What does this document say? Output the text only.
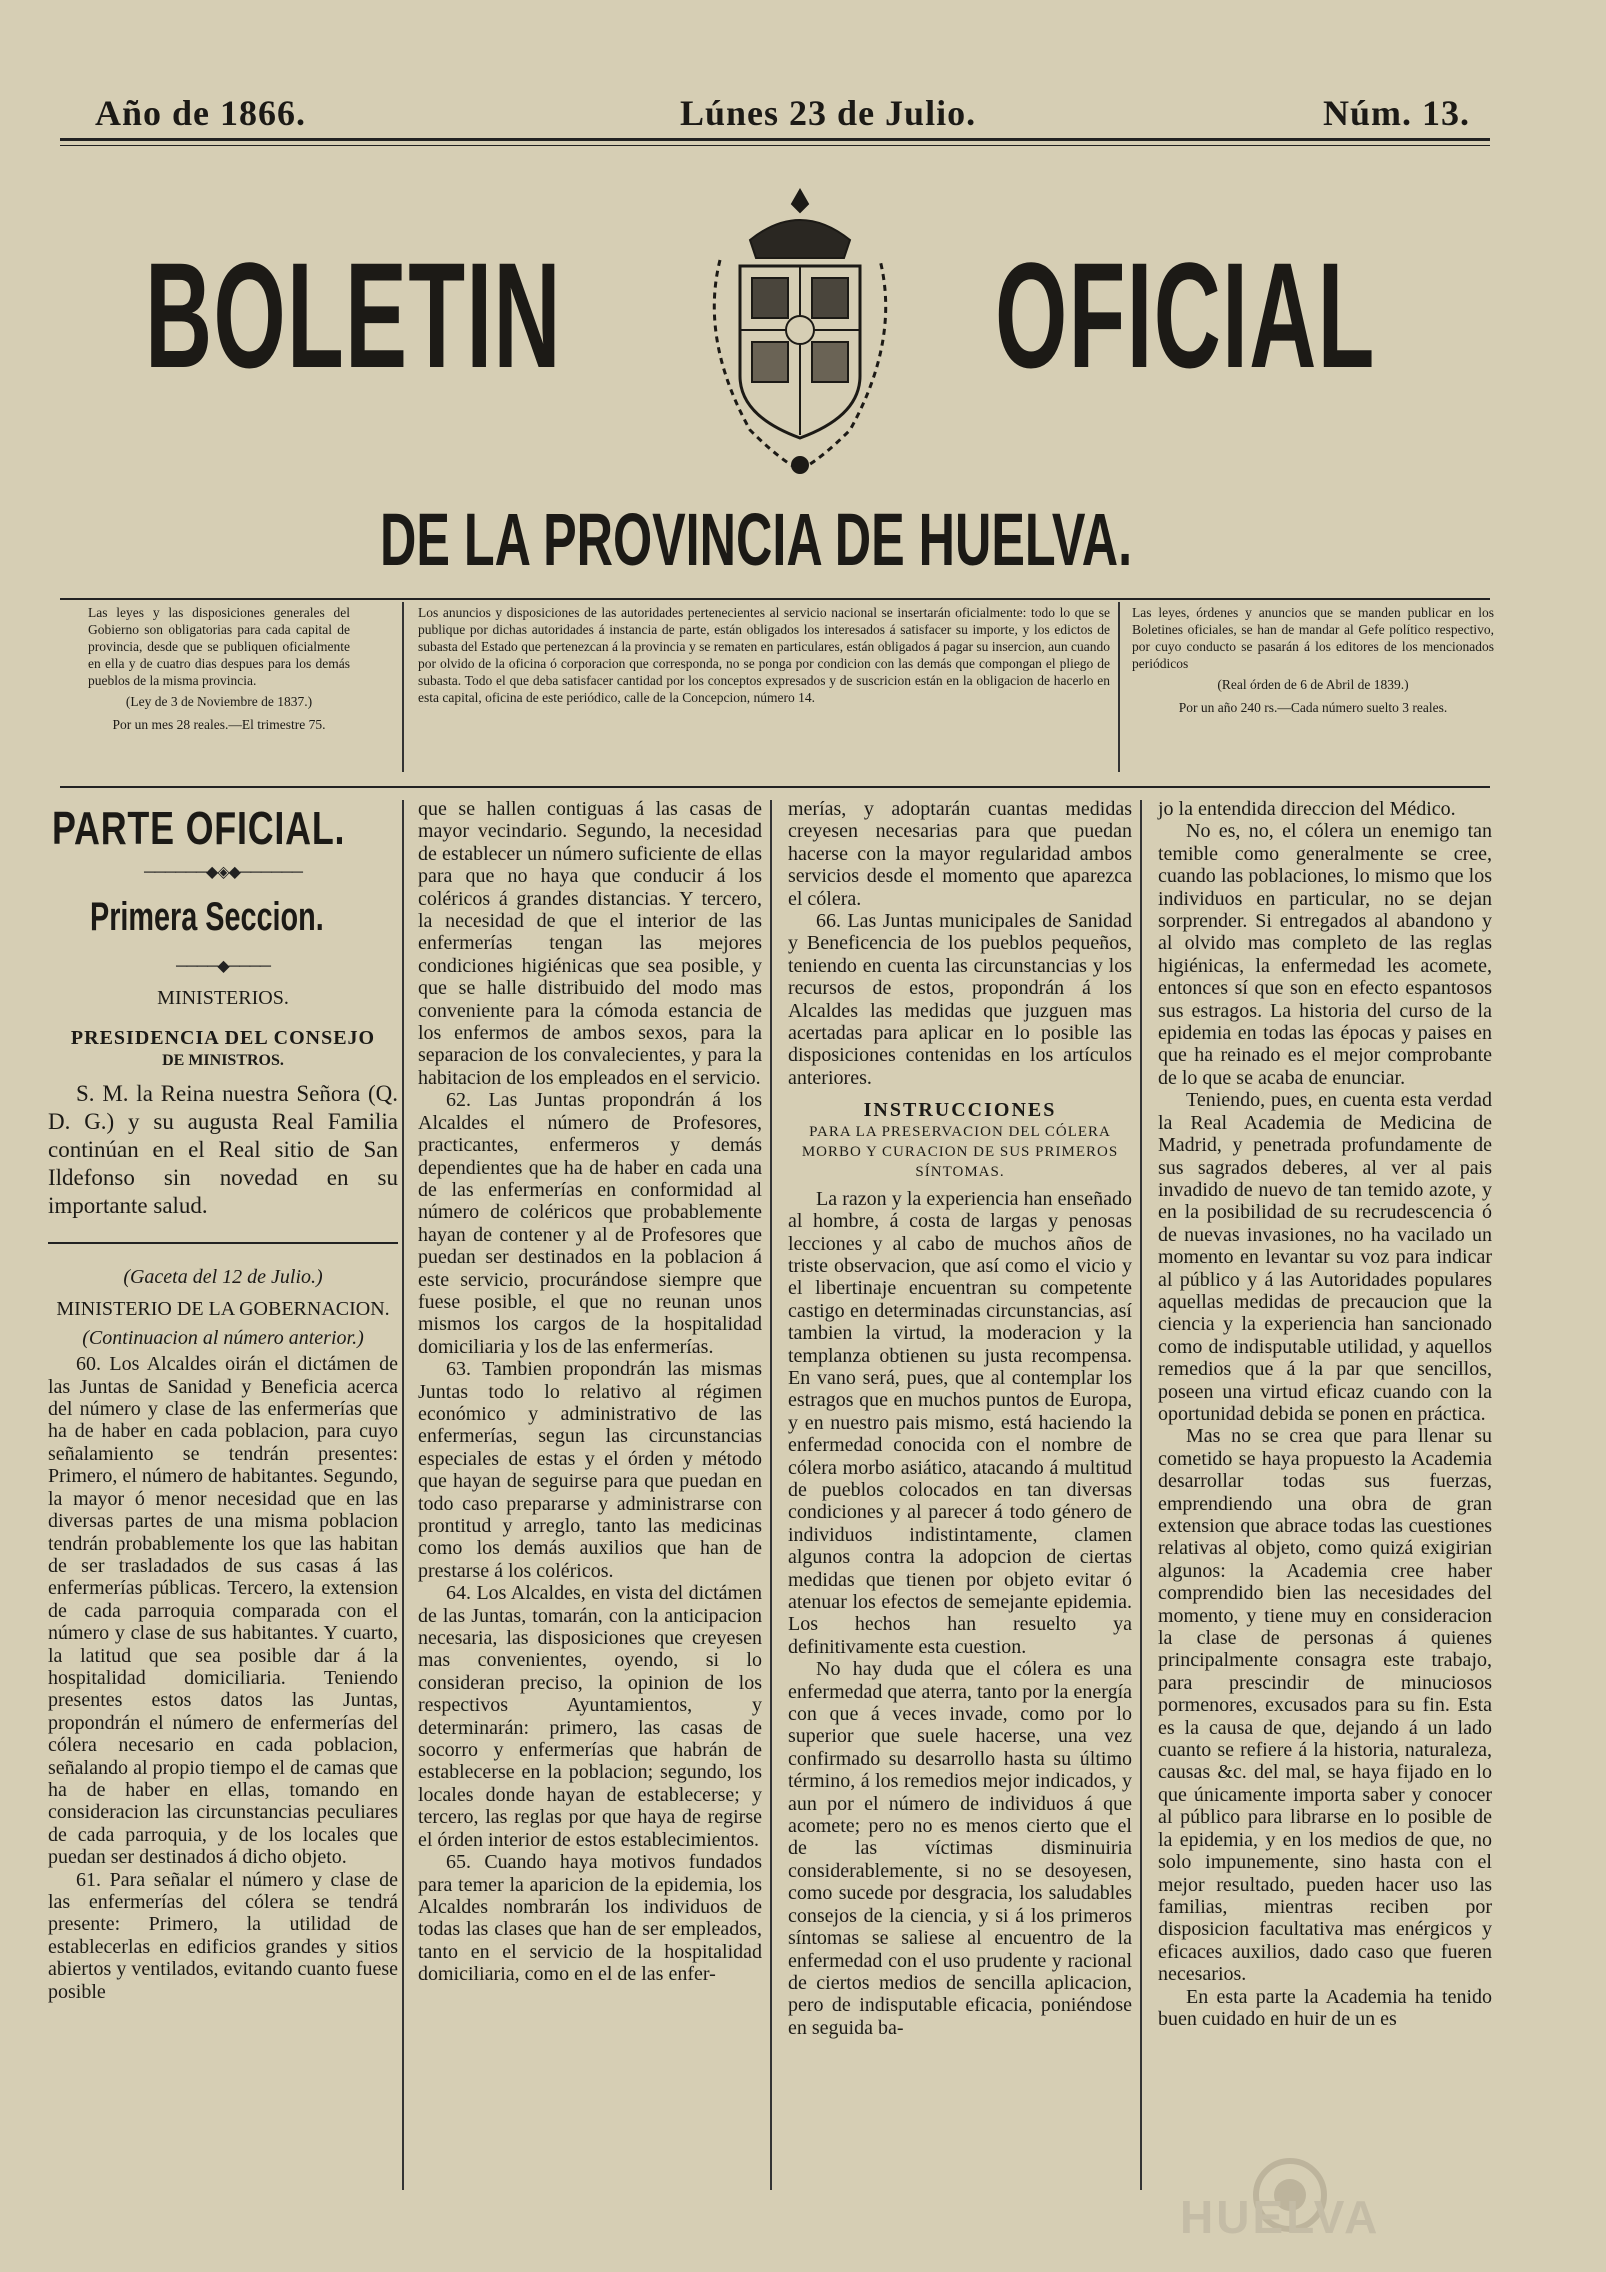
Año de 1866.	Lúnes 23 de Julio.	Núm. 13.
BOLETIN	OFICIAL
DE LA PROVINCIA DE HUELVA.
Las leyes y las disposiciones generales del Gobierno son obligatorias para cada capital de provincia, desde que se publiquen oficialmente en ella y de cuatro dias despues para los demás pueblos de la misma provincia.
(Ley de 3 de Noviembre de 1837.)
Por un mes 28 reales.—El trimestre 75.
Los anuncios y disposiciones de las autoridades pertenecientes al servicio nacional se insertarán oficialmente: todo lo que se publique por dichas autoridades á instancia de parte, están obligados los interesados á satisfacer su importe, y los edictos de subasta del Estado que pertenezcan á la provincia y se rematen en particulares, están obligados á pagar su insercion, aun cuando por olvido de la oficina ó corporacion que corresponda, no se ponga por condicion con las demás que compongan el pliego de subasta. Todo el que deba satisfacer cantidad por los conceptos expresados y de suscricion están en la obligacion de hacerlo en esta capital, oficina de este periódico, calle de la Concepcion, número 14.
Las leyes, órdenes y anuncios que se manden publicar en los Boletines oficiales, se han de mandar al Gefe político respectivo, por cuyo conducto se pasarán á los editores de los mencionados periódicos
(Real órden de 6 de Abril de 1839.)
Por un año 240 rs.—Cada número suelto 3 reales.
PARTE OFICIAL.
──────◆◈◆──────
Primera Seccion.
────◆────
MINISTERIOS.
PRESIDENCIA DEL CONSEJO
DE MINISTROS.

S. M. la Reina nuestra Señora (Q. D. G.) y su augusta Real Familia continúan en el Real sitio de San Ildefonso sin novedad en su importante salud.

(Gaceta del 12 de Julio.)
MINISTERIO DE LA GOBERNACION.
(Continuacion al número anterior.)

60. Los Alcaldes oirán el dictámen de las Juntas de Sanidad y Beneficia acerca del número y clase de las enfermerías que ha de haber en cada poblacion, para cuyo señalamiento se tendrán presentes: Primero, el número de habitantes. Segundo, la mayor ó menor necesidad que en las diversas partes de una misma poblacion tendrán probablemente los que las habitan de ser trasladados de sus casas á las enfermerías públicas. Tercero, la extension de cada parroquia comparada con el número y clase de sus habitantes. Y cuarto, la latitud que sea posible dar á la hospitalidad domiciliaria. Teniendo presentes estos datos las Juntas, propondrán el número de enfermerías del cólera necesario en cada poblacion, señalando al propio tiempo el de camas que ha de haber en ellas, tomando en consideracion las circunstancias peculiares de cada parroquia, y de los locales que puedan ser destinados á dicho objeto.

61. Para señalar el número y clase de las enfermerías del cólera se tendrá presente: Primero, la utilidad de establecerlas en edificios grandes y sitios abiertos y ventilados, evitando cuanto fuese posible

que se hallen contiguas á las casas de mayor vecindario. Segundo, la necesidad de establecer un número suficiente de ellas para que no haya que conducir á los coléricos á grandes distancias. Y tercero, la necesidad de que el interior de las enfermerías tengan las mejores condiciones higiénicas que sea posible, y que se halle distribuido del modo mas conveniente para la cómoda estancia de los enfermos de ambos sexos, para la separacion de los convalecientes, y para la habitacion de los empleados en el servicio.

62. Las Juntas propondrán á los Alcaldes el número de Profesores, practicantes, enfermeros y demás dependientes que ha de haber en cada una de las enfermerías en conformidad al número de coléricos que probablemente hayan de contener y al de Profesores que puedan ser destinados en la poblacion á este servicio, procurándose siempre que fuese posible, el que no reunan unos mismos los cargos de la hospitalidad domiciliaria y los de las enfermerías.

63. Tambien propondrán las mismas Juntas todo lo relativo al régimen económico y administrativo de las enfermerías, segun las circunstancias especiales de estas y el órden y método que hayan de seguirse para que puedan en todo caso prepararse y administrarse con prontitud y arreglo, tanto las medicinas como los demás auxilios que han de prestarse á los coléricos.

64. Los Alcaldes, en vista del dictámen de las Juntas, tomarán, con la anticipacion necesaria, las disposiciones que creyesen mas convenientes, oyendo, si lo consideran preciso, la opinion de los respectivos Ayuntamientos, y determinarán: primero, las casas de socorro y enfermerías que habrán de establecerse en la poblacion; segundo, los locales donde hayan de establecerse; y tercero, las reglas por que haya de regirse el órden interior de estos establecimientos.

65. Cuando haya motivos fundados para temer la aparicion de la epidemia, los Alcaldes nombrarán los individuos de todas las clases que han de ser empleados, tanto en el servicio de la hospitalidad domiciliaria, como en el de las enfer-

merías, y adoptarán cuantas medidas creyesen necesarias para que puedan hacerse con la mayor regularidad ambos servicios desde el momento que aparezca el cólera.

66. Las Juntas municipales de Sanidad y Beneficencia de los pueblos pequeños, teniendo en cuenta las circunstancias y los recursos de estos, propondrán á los Alcaldes las medidas que juzguen mas acertadas para aplicar en lo posible las disposiciones contenidas en los artículos anteriores.

INSTRUCCIONES
PARA LA PRESERVACION DEL CÓLERA MORBO Y CURACION DE SUS PRIMEROS SÍNTOMAS.

La razon y la experiencia han enseñado al hombre, á costa de largas y penosas lecciones y al cabo de muchos años de triste observacion, que así como el vicio y el libertinaje encuentran su competente castigo en determinadas circunstancias, así tambien la virtud, la moderacion y la templanza obtienen su justa recompensa. En vano será, pues, que al contemplar los estragos que en muchos puntos de Europa, y en nuestro pais mismo, está haciendo la enfermedad conocida con el nombre de cólera morbo asiático, atacando á multitud de pueblos colocados en tan diversas condiciones y al parecer á todo género de individuos indistintamente, clamen algunos contra la adopcion de ciertas medidas que tienen por objeto evitar ó atenuar los efectos de semejante epidemia. Los hechos han resuelto ya definitivamente esta cuestion.

No hay duda que el cólera es una enfermedad que aterra, tanto por la energía con que á veces invade, como por lo superior que suele hacerse, una vez confirmado su desarrollo hasta su último término, á los remedios mejor indicados, y aun por el número de individuos á que acomete; pero no es menos cierto que el de las víctimas disminuiria considerablemente, si no se desoyesen, como sucede por desgracia, los saludables consejos de la ciencia, y si á los primeros síntomas se saliese al encuentro de la enfermedad con el uso prudente y racional de ciertos medios de sencilla aplicacion, pero de indisputable eficacia, poniéndose en seguida ba-

jo la entendida direccion del Médico.

No es, no, el cólera un enemigo tan temible como generalmente se cree, cuando las poblaciones, lo mismo que los individuos en particular, no se dejan sorprender. Si entregados al abandono y al olvido mas completo de las reglas higiénicas, la enfermedad les acomete, entonces sí que son en efecto espantosos sus estragos. La historia del curso de la epidemia en todas las épocas y paises en que ha reinado es el mejor comprobante de lo que se acaba de enunciar.

Teniendo, pues, en cuenta esta verdad la Real Academia de Medicina de Madrid, y penetrada profundamente de sus sagrados deberes, al ver al pais invadido de nuevo de tan temido azote, y en la posibilidad de su recrudescencia ó de nuevas invasiones, no ha vacilado un momento en levantar su voz para indicar al público y á las Autoridades populares aquellas medidas de precaucion que la ciencia y la experiencia han sancionado como de indisputable utilidad, y aquellos remedios que á la par que sencillos, poseen una virtud eficaz cuando con la oportunidad debida se ponen en práctica.

Mas no se crea que para llenar su cometido se haya propuesto la Academia desarrollar todas sus fuerzas, emprendiendo una obra de gran extension que abrace todas las cuestiones relativas al objeto, como quizá exigirian algunos: la Academia cree haber comprendido bien las necesidades del momento, y tiene muy en consideracion la clase de personas á quienes principalmente consagra este trabajo, para prescindir de minuciosos pormenores, excusados para su fin. Esta es la causa de que, dejando á un lado cuanto se refiere á la historia, naturaleza, causas &c. del mal, se haya fijado en lo que únicamente importa saber y conocer al público para librarse en lo posible de la epidemia, y en los medios de que, no solo impunemente, sino hasta con el mejor resultado, pueden hacer uso las familias, mientras reciben por disposicion facultativa mas enérgicos y eficaces auxilios, dado caso que fueren necesarios.

En esta parte la Academia ha tenido buen cuidado en huir de un es

HUELVA
